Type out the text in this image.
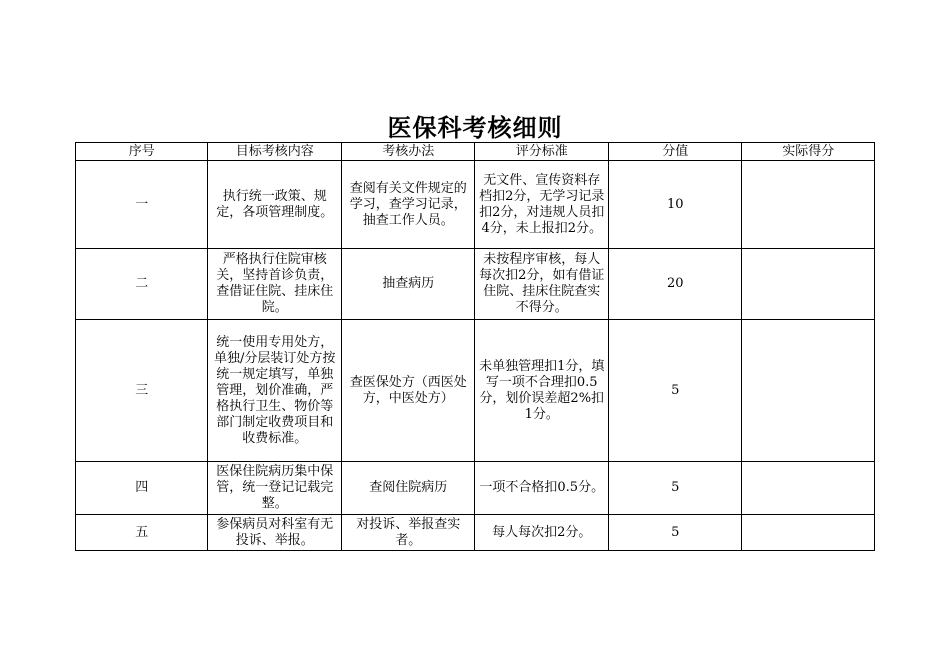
医保科考核细则
序号	目标考核内容	考核办法	评分标准	分值	实际得分
一	执行统一政策、规定，各项管理制度。	查阅有关文件规定的学习，查学习记录，抽查工作人员。	无文件、宣传资料存档扣2分，无学习记录扣2分，对违规人员扣4分，未上报扣2分。	10	
二	严格执行住院审核关，坚持首诊负责，查借证住院、挂床住院。	抽查病历	未按程序审核，每人每次扣2分，如有借证住院、挂床住院查实不得分。	20	
三	统一使用专用处方，单独/分层装订处方按统一规定填写，单独管理，划价准确，严格执行卫生、物价等部门制定收费项目和收费标准。	查医保处方（西医处方，中医处方）	未单独管理扣1分，填写一项不合理扣0.5分，划价误差超2%扣1分。	5	
四	医保住院病历集中保管，统一登记记载完整。	查阅住院病历	一项不合格扣0.5分。	5	
五	参保病员对科室有无投诉、举报。	对投诉、举报查实者。	每人每次扣2分。	5	
